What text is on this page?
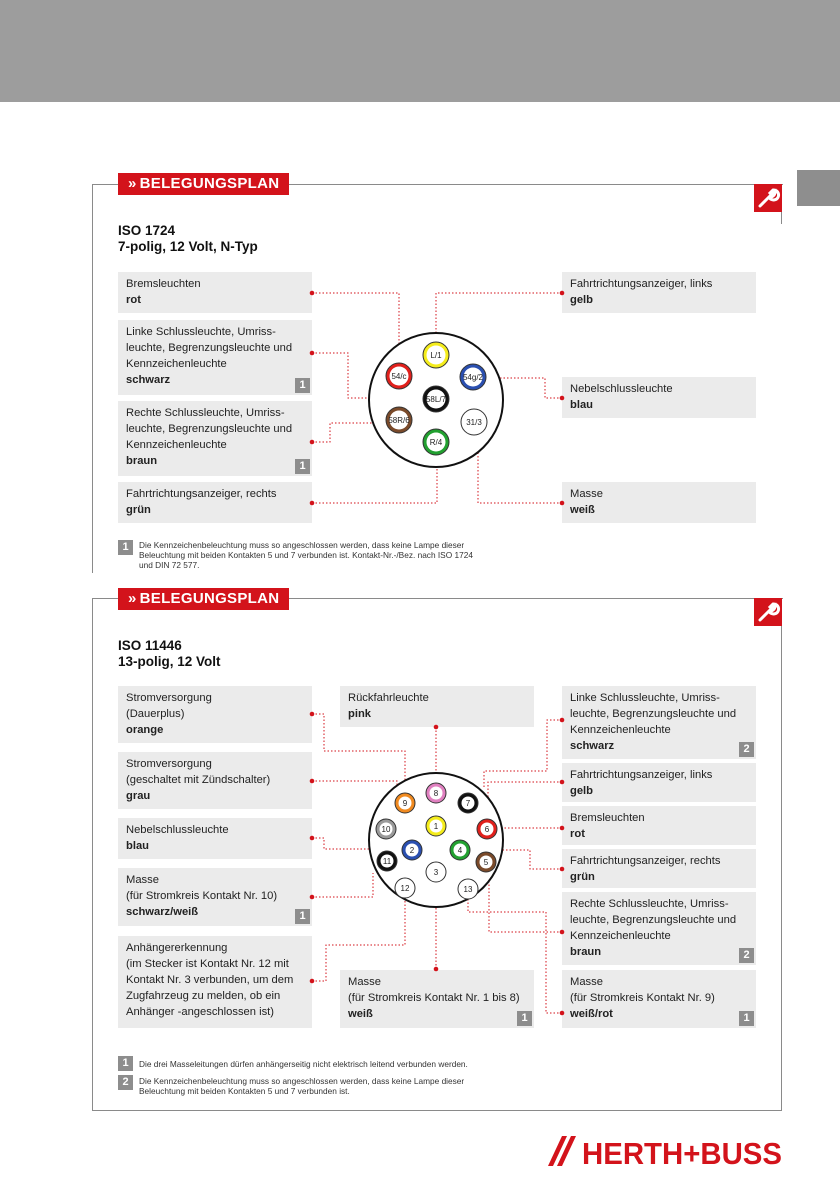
» BELEGUNGSPLAN
ISO 1724
7-polig, 12 Volt, N-Typ
Bremsleuchten
rot
Linke Schlussleuchte, Umriss-
leuchte, Begrenzungsleuchte und
Kennzeichenleuchte
schwarz	1
Rechte Schlussleuchte, Umriss-
leuchte, Begrenzungsleuchte und
Kennzeichenleuchte
braun	1
Fahrtrichtungsanzeiger, rechts
grün
Fahrtrichtungsanzeiger, links
gelb
Nebelschlussleuchte
blau
Masse
weiß
L/1
54/c	54g/2
58L/7
58R/6	31/3
R/4
1	Die Kennzeichenbeleuchtung muss so angeschlossen werden, dass keine Lampe dieser
Beleuchtung mit beiden Kontakten 5 und 7 verbunden ist. Kontakt-Nr.-/Bez. nach ISO 1724
und DIN 72 577.
» BELEGUNGSPLAN
ISO 11446
13-polig, 12 Volt
Stromversorgung
(Dauerplus)
orange
Stromversorgung
(geschaltet mit Zündschalter)
grau
Nebelschlussleuchte
blau
Masse
(für Stromkreis Kontakt Nr. 10)
schwarz/weiß	1
Anhängererkennung
(im Stecker ist Kontakt Nr. 12 mit
Kontakt Nr. 3 verbunden, um dem
Zugfahrzeug zu melden, ob ein
Anhänger -angeschlossen ist)
Rückfahrleuchte
pink
Masse
(für Stromkreis Kontakt Nr. 1 bis 8)
weiß	1
Linke Schlussleuchte, Umriss-
leuchte, Begrenzungsleuchte und
Kennzeichenleuchte
schwarz	2
Fahrtrichtungsanzeiger, links
gelb
Bremsleuchten
rot
Fahrtrichtungsanzeiger, rechts
grün
Rechte Schlussleuchte, Umriss-
leuchte, Begrenzungsleuchte und
Kennzeichenleuchte
braun	2
Masse
(für Stromkreis Kontakt Nr. 9)
weiß/rot	1
8
9	7
10	1	6
2	4
11
3
5
12	13
1	Die drei Masseleitungen dürfen anhängerseitig nicht elektrisch leitend verbunden werden.
2	Die Kennzeichenbeleuchtung muss so angeschlossen werden, dass keine Lampe dieser
Beleuchtung mit beiden Kontakten 5 und 7 verbunden ist.
HERTH+BUSS
